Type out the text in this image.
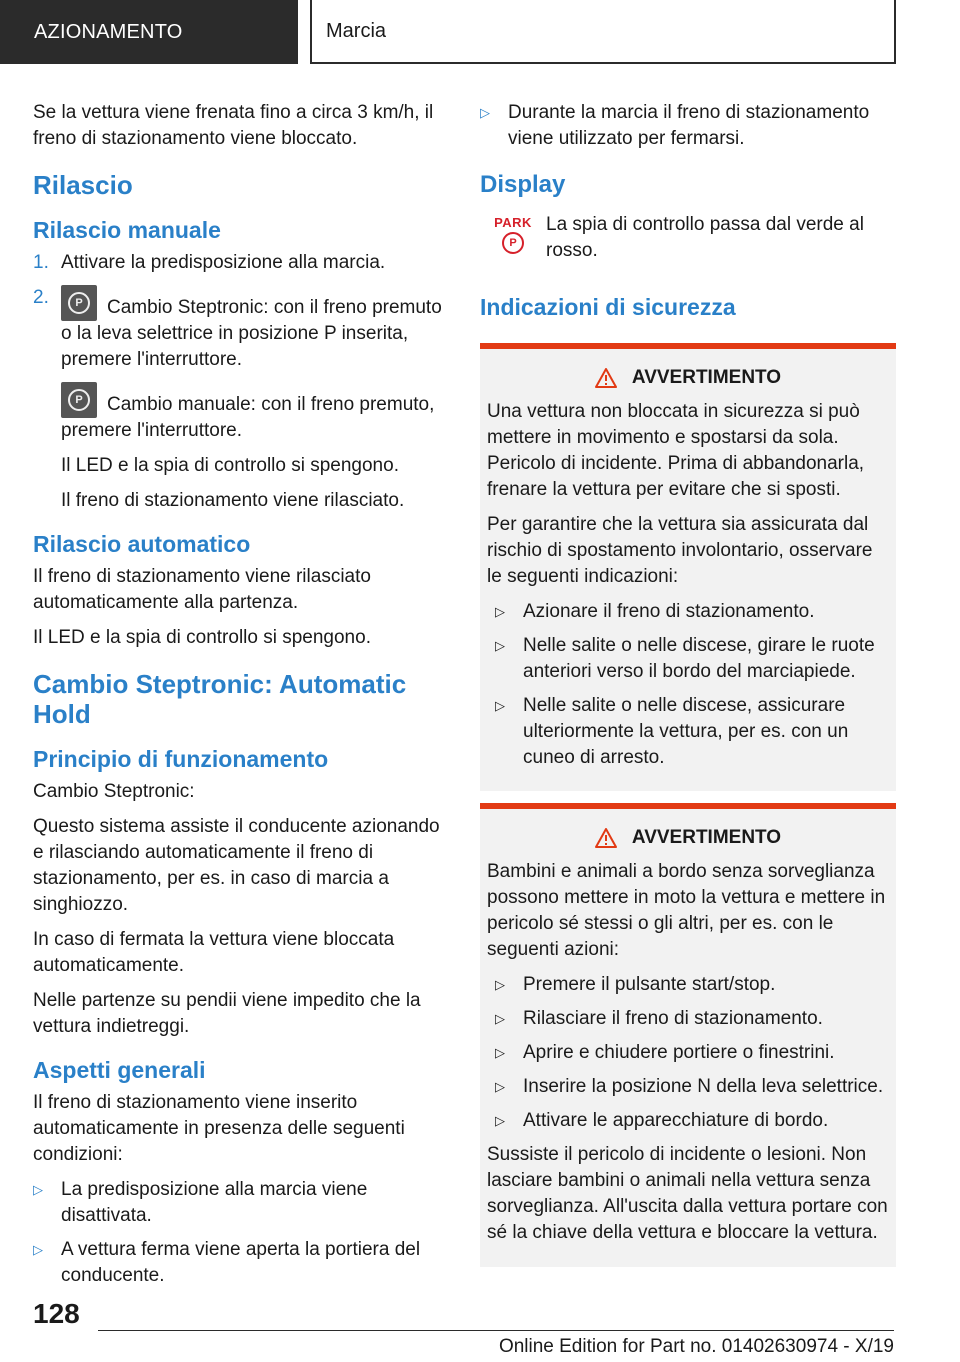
AZIONAMENTO	Marcia

Se la vettura viene frenata fino a circa 3 km/h, il freno di stazionamento viene bloccato.

Rilascio
Rilascio manuale
1. Attivare la predisposizione alla marcia.
2.	P	Cambio Steptronic: con il freno premuto o la leva selettrice in posizione P inserita, premere l'interruttore.

P	Cambio manuale: con il freno premuto, premere l'interruttore.

Il LED e la spia di controllo si spengono.

Il freno di stazionamento viene rilasciato.

Rilascio automatico

Il freno di stazionamento viene rilasciato automaticamente alla partenza.

Il LED e la spia di controllo si spengono.

Cambio Steptronic: Automatic Hold
Principio di funzionamento

Cambio Steptronic:

Questo sistema assiste il conducente azionando e rilasciando automaticamente il freno di stazionamento, per es. in caso di marcia a singhiozzo.

In caso di fermata la vettura viene bloccata automaticamente.

Nelle partenze su pendii viene impedito che la vettura indietreggi.

Aspetti generali

Il freno di stazionamento viene inserito automaticamente in presenza delle seguenti condizioni:

▷ La predisposizione alla marcia viene disattivata.
▷ A vettura ferma viene aperta la portiera del conducente.
▷ Durante la marcia il freno di stazionamento viene utilizzato per fermarsi.
Display
PARK
P

La spia di controllo passa dal verde al rosso.

Indicazioni di sicurezza
AVVERTIMENTO

Una vettura non bloccata in sicurezza si può mettere in movimento e spostarsi da sola. Pericolo di incidente. Prima di abbandonarla, frenare la vettura per evitare che si sposti.

Per garantire che la vettura sia assicurata dal rischio di spostamento involontario, osservare le seguenti indicazioni:

▷ Azionare il freno di stazionamento.
▷ Nelle salite o nelle discese, girare le ruote anteriori verso il bordo del marciapiede.
▷ Nelle salite o nelle discese, assicurare ulteriormente la vettura, per es. con un cuneo di arresto.
AVVERTIMENTO

Bambini e animali a bordo senza sorveglianza possono mettere in moto la vettura e mettere in pericolo sé stessi o gli altri, per es. con le seguenti azioni:

▷ Premere il pulsante start/stop.
▷ Rilasciare il freno di stazionamento.
▷ Aprire e chiudere portiere o finestrini.
▷ Inserire la posizione N della leva selettrice.
▷ Attivare le apparecchiature di bordo.

Sussiste il pericolo di incidente o lesioni. Non lasciare bambini o animali nella vettura senza sorveglianza. All'uscita dalla vettura portare con sé la chiave della vettura e bloccare la vettura.

128
Online Edition for Part no. 01402630974 - X/19
